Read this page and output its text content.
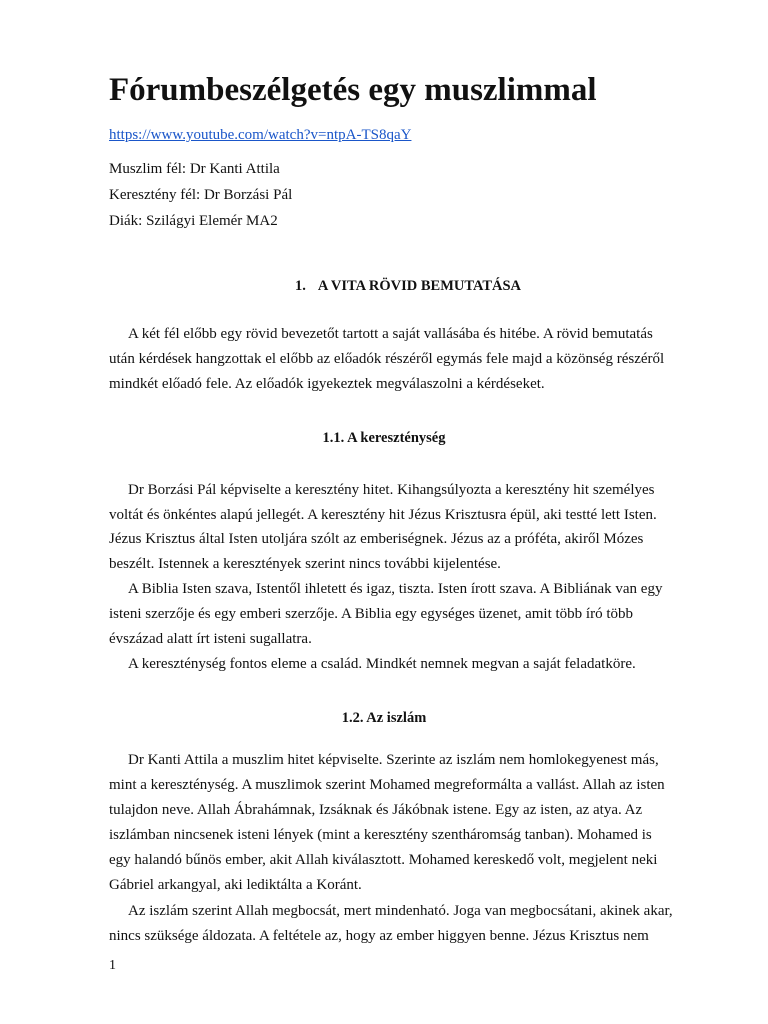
Fórumbeszélgetés egy muszlimmal
https://www.youtube.com/watch?v=ntpA-TS8qaY
Muszlim fél: Dr Kanti Attila
Keresztény fél: Dr Borzási Pál
Diák: Szilágyi Elemér MA2
1. A VITA RÖVID BEMUTATÁSA
A két fél előbb egy rövid bevezetőt tartott a saját vallásába és hitébe. A rövid bemutatás
után kérdések hangzottak el előbb az előadók részéről egymás fele majd a közönség részéről
mindkét előadó fele. Az előadók igyekeztek megválaszolni a kérdéseket.
1.1. A kereszténység
Dr Borzási Pál képviselte a keresztény hitet. Kihangsúlyozta a keresztény hit személyes
voltát és önkéntes alapú jellegét. A keresztény hit Jézus Krisztusra épül, aki testté lett Isten.
Jézus Krisztus által Isten utoljára szólt az emberiségnek. Jézus az a próféta, akiről Mózes
beszélt. Istennek a keresztények szerint nincs további kijelentése.
A Biblia Isten szava, Istentől ihletett és igaz, tiszta. Isten írott szava. A Bibliának van egy
isteni szerzője és egy emberi szerzője. A Biblia egy egységes üzenet, amit több író több
évszázad alatt írt isteni sugallatra.
A kereszténység fontos eleme a család. Mindkét nemnek megvan a saját feladatköre.
1.2. Az iszlám
Dr Kanti Attila a muszlim hitet képviselte. Szerinte az iszlám nem homlokegyenest más,
mint a kereszténység. A muszlimok szerint Mohamed megreformálta a vallást. Allah az isten
tulajdon neve. Allah Ábrahámnak, Izsáknak és Jákóbnak istene. Egy az isten, az atya. Az
iszlámban nincsenek isteni lények (mint a keresztény szentháromság tanban). Mohamed is
egy halandó bűnös ember, akit Allah kiválasztott. Mohamed kereskedő volt, megjelent neki
Gábriel arkangyal, aki lediktálta a Koránt.
Az iszlám szerint Allah megbocsát, mert mindenható. Joga van megbocsátani, akinek akar,
nincs szüksége áldozata. A feltétele az, hogy az ember higgyen benne. Jézus Krisztus nem
1
